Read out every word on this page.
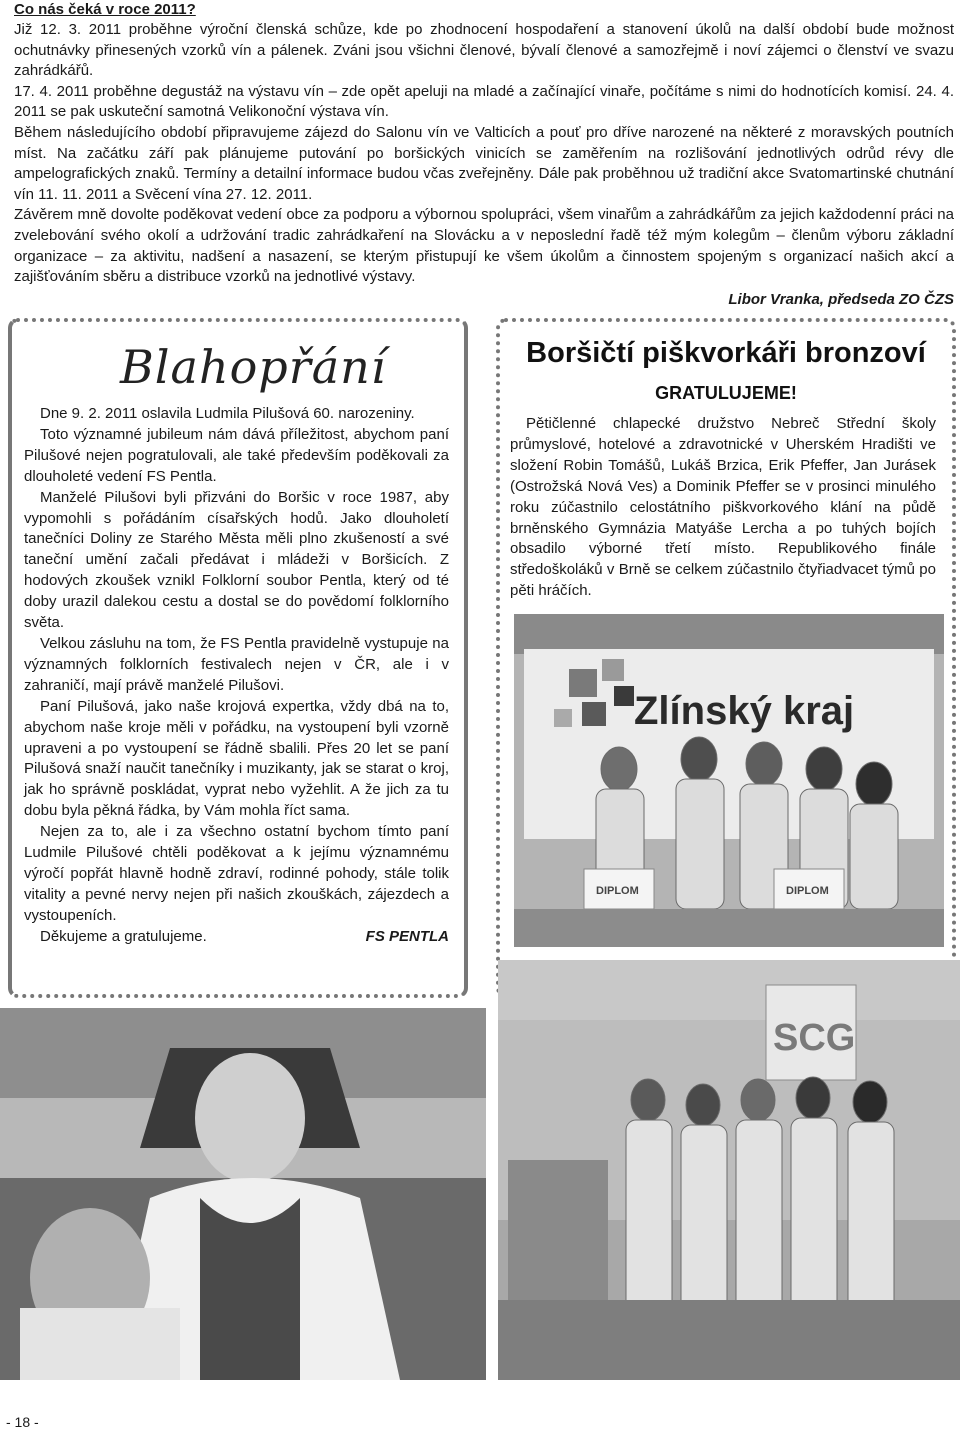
Co nás čeká v roce 2011?

Již 12. 3. 2011 proběhne výroční členská schůze, kde po zhodnocení hospodaření a stanovení úkolů na další období bude možnost ochutnávky přinesených vzorků vín a pálenek. Zváni jsou všichni členové, bývalí členové a samozřejmě i noví zájemci o členství ve svazu zahrádkářů.

17. 4. 2011 proběhne degustáž na výstavu vín – zde opět apeluji na mladé a začínající vinaře, počítáme s nimi do hodnotících komisí. 24. 4. 2011 se pak uskuteční samotná Velikonoční výstava vín.

Během následujícího období připravujeme zájezd do Salonu vín ve Valticích a pouť pro dříve narozené na některé z moravských poutních míst. Na začátku září pak plánujeme putování po boršických vinicích se zaměřením na rozlišování jednotlivých odrůd révy dle ampelografických znaků. Termíny a detailní informace budou včas zveřejněny. Dále pak proběhnou už tradiční akce Svatomartinské chutnání vín 11. 11. 2011 a Svěcení vína 27. 12. 2011.

Závěrem mně dovolte poděkovat vedení obce za podporu a výbornou spolupráci, všem vinařům a zahrádkářům za jejich každodenní práci na zvelebování svého okolí a udržování tradic zahrádkaření na Slovácku a v neposlední řadě též mým kolegům – členům výboru základní organizace – za aktivitu, nadšení a nasazení, se kterým přistupují ke všem úkolům a činnostem spojeným s organizací našich akcí a zajišťováním sběru a distribuce vzorků na jednotlivé výstavy.

Libor Vranka, předseda ZO ČZS
Blahopřání

Dne 9. 2. 2011 oslavila Ludmila Pilušová 60. narozeniny.

Toto významné jubileum nám dává příležitost, abychom paní Pilušové nejen pogratulovali, ale také především poděkovali za dlouholeté vedení FS Pentla.

Manželé Pilušovi byli přizváni do Boršic v roce 1987, aby vypomohli s pořádáním císařských hodů. Jako dlouholetí tanečníci Doliny ze Starého Města měli plno zkušeností a své taneční umění začali předávat i mládeži v Boršicích. Z hodových zkoušek vznikl Folklorní soubor Pentla, který od té doby urazil dalekou cestu a dostal se do povědomí folklorního světa.

Velkou zásluhu na tom, že FS Pentla pravidelně vystupuje na významných folklorních festivalech nejen v ČR, ale i v zahraničí, mají právě manželé Pilušovi.

Paní Pilušová, jako naše krojová expertka, vždy dbá na to, abychom naše kroje měli v pořádku, na vystoupení byli vzorně upraveni a po vystoupení se řádně sbalili. Přes 20 let se paní Pilušová snaží naučit tanečníky i muzikanty, jak se starat o kroj, jak ho správně poskládat, vyprat nebo vyžehlit. A že jich za tu dobu byla pěkná řádka, by Vám mohla říct sama.

Nejen za to, ale i za všechno ostatní bychom tímto paní Ludmile Pilušové chtěli poděkovat a k jejímu významnému výročí popřát hlavně hodně zdraví, rodinné pohody, stále tolik vitality a pevné nervy nejen při našich zkouškách, zájezdech a vystoupeních.

Děkujeme a gratulujeme.	FS PENTLA

Boršičtí piškvorkáři bronzoví
GRATULUJEME!

Pětičlenné chlapecké družstvo Nebreč Střední školy průmyslové, hotelové a zdravotnické v Uherském Hradišti ve složení Robin Tomášů, Lukáš Brzica, Erik Pfeffer, Jan Jurásek (Ostrožská Nová Ves) a Dominik Pfeffer se v prosinci minulého roku zúčastnilo celostátního piškvorkového klání na půdě brněnského Gymnázia Matyáše Lercha a po tuhých bojích obsadilo výborné třetí místo. Republikového finále středoškoláků v Brně se celkem zúčastnilo čtyřiadvacet týmů po pěti hráčích.

Zlínský kraj
DIPLOM	DIPLOM
SCG
- 18 -
